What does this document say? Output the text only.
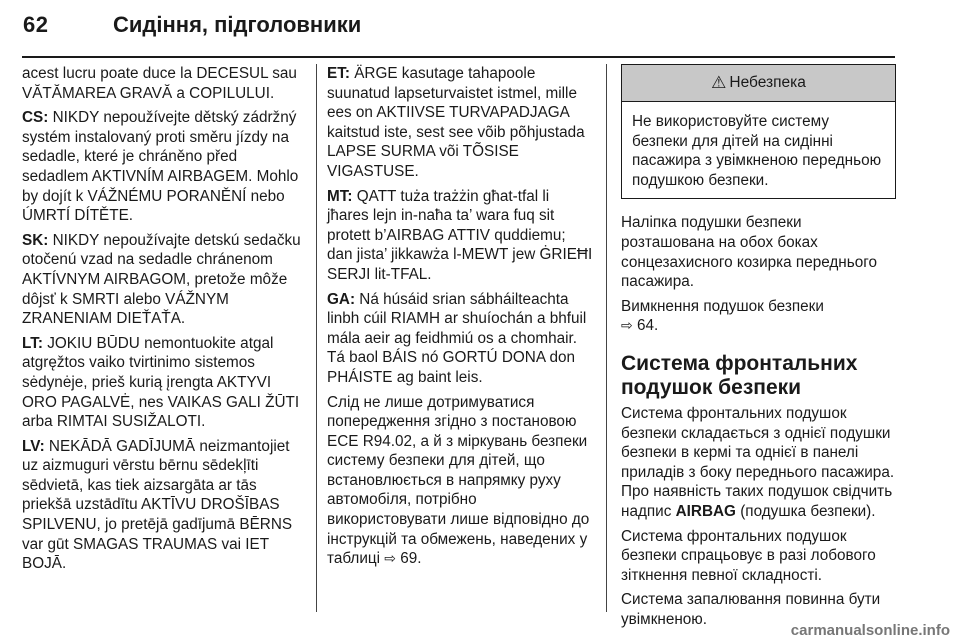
62	Сидіння, підголовники

acest lucru poate duce la DECESUL sau VĂTĂMAREA GRAVĂ a COPILULUI.

CS: NIKDY nepoužívejte dětský zádržný systém instalovaný proti směru jízdy na sedadle, které je chráněno před sedadlem AKTIVNÍM AIRBAGEM. Mohlo by dojít k VÁŽNÉMU PORANĚNÍ nebo ÚMRTÍ DÍTĚTE.

SK: NIKDY nepoužívajte detskú sedačku otočenú vzad na sedadle chránenom AKTÍVNYM AIRBAGOM, pretože môže dôjsť k SMRTI alebo VÁŽNYM ZRANENIAM DIEŤAŤA.

LT: JOKIU BŪDU nemontuokite atgal atgręžtos vaiko tvirtinimo sistemos sėdynėje, prieš kurią įrengta AKTYVI ORO PAGALVĖ, nes VAIKAS GALI ŽŪTI arba RIMTAI SUSIŽALOTI.

LV: NEKĀDĀ GADĪJUMĀ neizmantojiet uz aizmuguri vērstu bērnu sēdekļīti sēdvietā, kas tiek aizsargāta ar tās priekšā uzstādītu AKTĪVU DROŠĪBAS SPILVENU, jo pretējā gadījumā BĒRNS var gūt SMAGAS TRAUMAS vai IET BOJĀ.

ET: ÄRGE kasutage tahapoole suunatud lapseturvaistet istmel, mille ees on AKTIIVSE TURVAPADJAGA kaitstud iste, sest see võib põhjustada LAPSE SURMA või TÕSISE VIGASTUSE.

MT: QATT tuża trażżin għat-tfal li jħares lejn in-naħa ta’ wara fuq sit protett b’AIRBAG ATTIV quddiemu; dan jista’ jikkawża l-MEWT jew ĠRIEĦI SERJI lit-TFAL.

GA: Ná húsáid srian sábháilteachta linbh cúil RIAMH ar shuíochán a bhfuil mála aeir ag feidhmiú os a chomhair. Tá baol BÁIS nó GORTÚ DONA don PHÁISTE ag baint leis.

Слід не лише дотримуватися попередження згідно з постановою ECE R94.02, а й з міркувань безпеки систему безпеки для дітей, що встановлюється в напрямку руху автомобіля, потрібно використовувати лише відповідно до інструкцій та обмежень, наведених у таблиці ⇨ 69.

⚠ Небезпека
Не використовуйте систему безпеки для дітей на сидінні пасажира з увімкненою передньою подушкою безпеки.

Наліпка подушки безпеки розташована на обох боках сонцезахисного козирка переднього пасажира.

Вимкнення подушок безпеки
⇨ 64.

Система фронтальних подушок безпеки

Система фронтальних подушок безпеки складається з однієї подушки безпеки в кермі та однієї в панелі приладів з боку переднього пасажира. Про наявність таких подушок свідчить надпис AIRBAG (подушка безпеки).

Система фронтальних подушок безпеки спрацьовує в разі лобового зіткнення певної складності.

Система запалювання повинна бути увімкненою.

carmanualsonline.info
